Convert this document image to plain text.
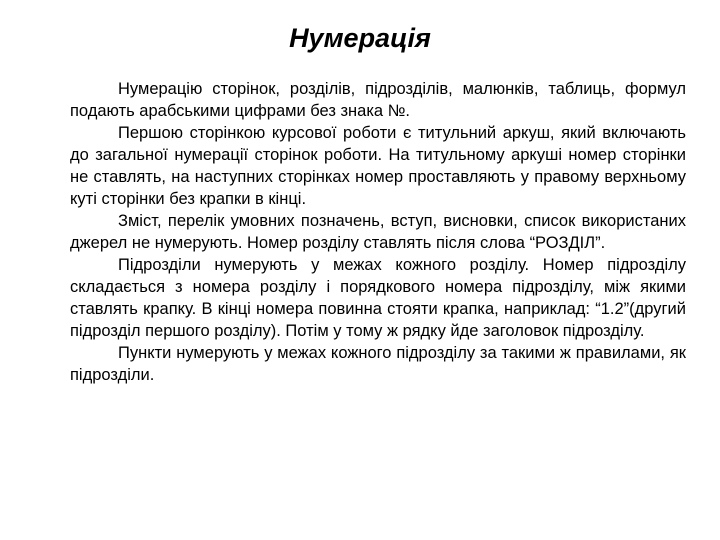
Нумерація

Нумерацію сторінок, розділів, підрозділів, малюнків, таблиць, формул подають арабськими цифрами без знака №.

Першою сторінкою курсової роботи є титульний аркуш, який включають до загальної нумерації сторінок роботи. На титульному аркуші номер сторінки не ставлять, на наступних сторінках номер проставляють у правому верхньому куті сторінки без крапки в кінці.

Зміст, перелік умовних позначень, вступ, висновки, список використаних джерел не нумерують. Номер розділу ставлять після слова “РОЗДІЛ”.

Підрозділи нумерують у межах кожного розділу. Номер підрозділу складається з номера розділу і порядкового номера підрозділу, між якими ставлять крапку. В кінці номера повинна стояти крапка, наприклад: “1.2”(другий підрозділ першого розділу). Потім у тому ж рядку йде заголовок підрозділу.

Пункти нумерують у межах кожного підрозділу за такими ж правилами, як підрозділи.
